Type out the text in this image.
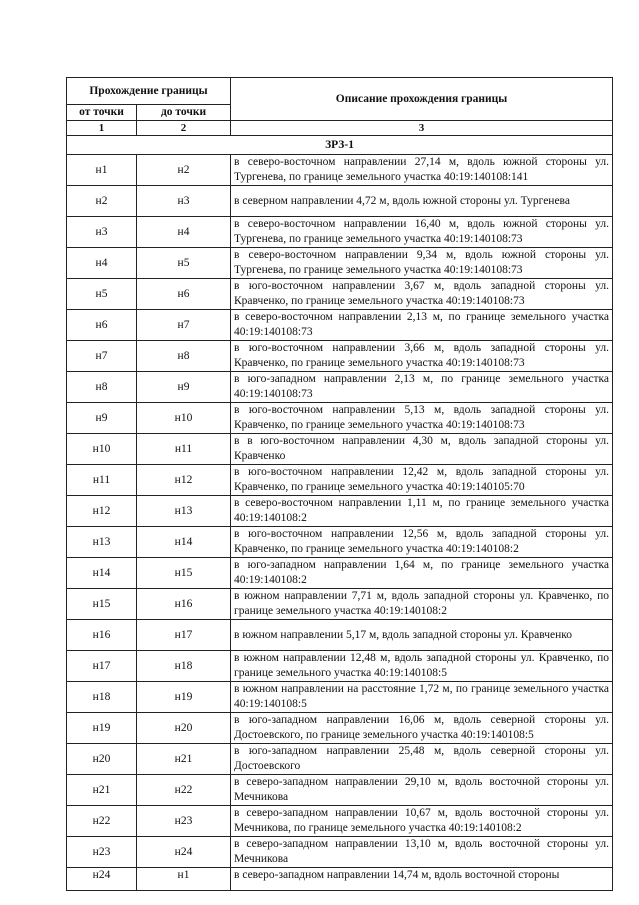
Прохождение границы		Описание прохождения границы
от точки	до точки	
1	2	3
ЗРЗ-1		
н1	н2	в северо-восточном направлении 27,14 м, вдоль южной стороны ул. Тургенева, по границе земельного участка 40:19:140108:141
н2	н3	в северном направлении 4,72 м, вдоль южной стороны ул. Тургенева
н3	н4	в северо-восточном направлении 16,40 м, вдоль южной стороны ул. Тургенева, по границе земельного участка 40:19:140108:73
н4	н5	в северо-восточном направлении 9,34 м, вдоль южной стороны ул. Тургенева, по границе земельного участка 40:19:140108:73
н5	н6	в юго-восточном направлении 3,67 м, вдоль западной стороны ул. Кравченко, по границе земельного участка 40:19:140108:73
н6	н7	в северо-восточном направлении 2,13 м, по границе земельного участка 40:19:140108:73
н7	н8	в юго-восточном направлении 3,66 м, вдоль западной стороны ул. Кравченко, по границе земельного участка 40:19:140108:73
н8	н9	в юго-западном направлении 2,13 м, по границе земельного участка 40:19:140108:73
н9	н10	в юго-восточном направлении 5,13 м, вдоль западной стороны ул. Кравченко, по границе земельного участка 40:19:140108:73
н10	н11	в в юго-восточном направлении 4,30 м, вдоль западной стороны ул. Кравченко
н11	н12	в юго-восточном направлении 12,42 м, вдоль западной стороны ул. Кравченко, по границе земельного участка 40:19:140105:70
н12	н13	в северо-восточном направлении 1,11 м, по границе земельного участка 40:19:140108:2
н13	н14	в юго-восточном направлении 12,56 м, вдоль западной стороны ул. Кравченко, по границе земельного участка 40:19:140108:2
н14	н15	в юго-западном направлении 1,64 м, по границе земельного участка 40:19:140108:2
н15	н16	в южном направлении 7,71 м, вдоль западной стороны ул. Кравченко, по границе земельного участка 40:19:140108:2
н16	н17	в южном направлении 5,17 м, вдоль западной стороны ул. Кравченко
н17	н18	в южном направлении 12,48 м, вдоль западной стороны ул. Кравченко, по границе земельного участка 40:19:140108:5
н18	н19	в южном направлении на расстояние 1,72 м, по границе земельного участка 40:19:140108:5
н19	н20	в юго-западном направлении 16,06 м, вдоль северной стороны ул. Достоевского, по границе земельного участка 40:19:140108:5
н20	н21	в юго-западном направлении 25,48 м, вдоль северной стороны ул. Достоевского
н21	н22	в северо-западном направлении 29,10 м, вдоль восточной стороны ул. Мечникова
н22	н23	в северо-западном направлении 10,67 м, вдоль восточной стороны ул. Мечникова, по границе земельного участка 40:19:140108:2
н23	н24	в северо-западном направлении 13,10 м, вдоль восточной стороны ул. Мечникова
н24	н1	в северо-западном направлении 14,74 м, вдоль восточной стороны
